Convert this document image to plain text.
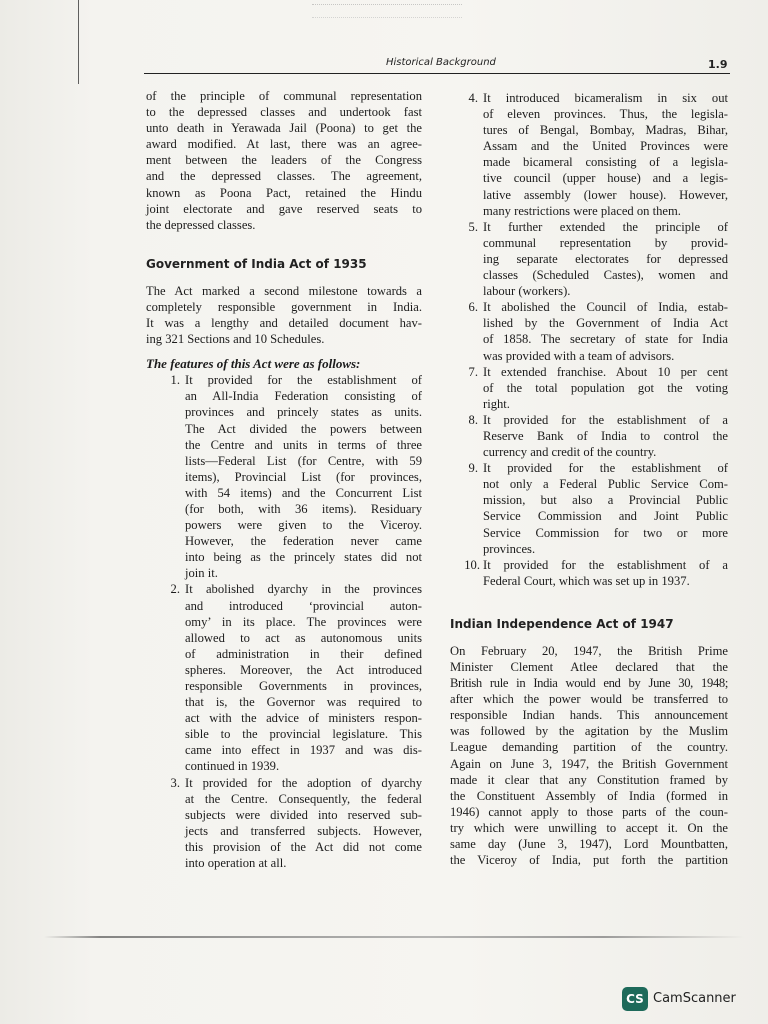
Historical Background	1.9
of the principle of communal representation
to the depressed classes and undertook fast
unto death in Yerawada Jail (Poona) to get the
award modified. At last, there was an agree-
ment between the leaders of the Congress
and the depressed classes. The agreement,
known as Poona Pact, retained the Hindu
joint electorate and gave reserved seats to
the depressed classes.
Government of India Act of 1935
The Act marked a second milestone towards a
completely responsible government in India.
It was a lengthy and detailed document hav-
ing 321 Sections and 10 Schedules.

The features of this Act were as follows:

1. It provided for the establishment of
an All-India Federation consisting of
provinces and princely states as units.
The Act divided the powers between
the Centre and units in terms of three
lists—Federal List (for Centre, with 59
items), Provincial List (for provinces,
with 54 items) and the Concurrent List
(for both, with 36 items). Residuary
powers were given to the Viceroy.
However, the federation never came
into being as the princely states did not
join it.
2. It abolished dyarchy in the provinces
and introduced ‘provincial auton-
omy’ in its place. The provinces were
allowed to act as autonomous units
of administration in their defined
spheres. Moreover, the Act introduced
responsible Governments in provinces,
that is, the Governor was required to
act with the advice of ministers respon-
sible to the provincial legislature. This
came into effect in 1937 and was dis-
continued in 1939.
3. It provided for the adoption of dyarchy
at the Centre. Consequently, the federal
subjects were divided into reserved sub-
jects and transferred subjects. However,
this provision of the Act did not come
into operation at all.
4. It introduced bicameralism in six out
of eleven provinces. Thus, the legisla-
tures of Bengal, Bombay, Madras, Bihar,
Assam and the United Provinces were
made bicameral consisting of a legisla-
tive council (upper house) and a legis-
lative assembly (lower house). However,
many restrictions were placed on them.
5. It further extended the principle of
communal representation by provid-
ing separate electorates for depressed
classes (Scheduled Castes), women and
labour (workers).
6. It abolished the Council of India, estab-
lished by the Government of India Act
of 1858. The secretary of state for India
was provided with a team of advisors.
7. It extended franchise. About 10 per cent
of the total population got the voting
right.
8. It provided for the establishment of a
Reserve Bank of India to control the
currency and credit of the country.
9. It provided for the establishment of
not only a Federal Public Service Com-
mission, but also a Provincial Public
Service Commission and Joint Public
Service Commission for two or more
provinces.
10. It provided for the establishment of a
Federal Court, which was set up in 1937.
Indian Independence Act of 1947
On February 20, 1947, the British Prime
Minister Clement Atlee declared that the
British rule in India would end by June 30, 1948;
after which the power would be transferred to
responsible Indian hands. This announcement
was followed by the agitation by the Muslim
League demanding partition of the country.
Again on June 3, 1947, the British Government
made it clear that any Constitution framed by
the Constituent Assembly of India (formed in
1946) cannot apply to those parts of the coun-
try which were unwilling to accept it. On the
same day (June 3, 1947), Lord Mountbatten,
the Viceroy of India, put forth the partition
CS CamScanner
